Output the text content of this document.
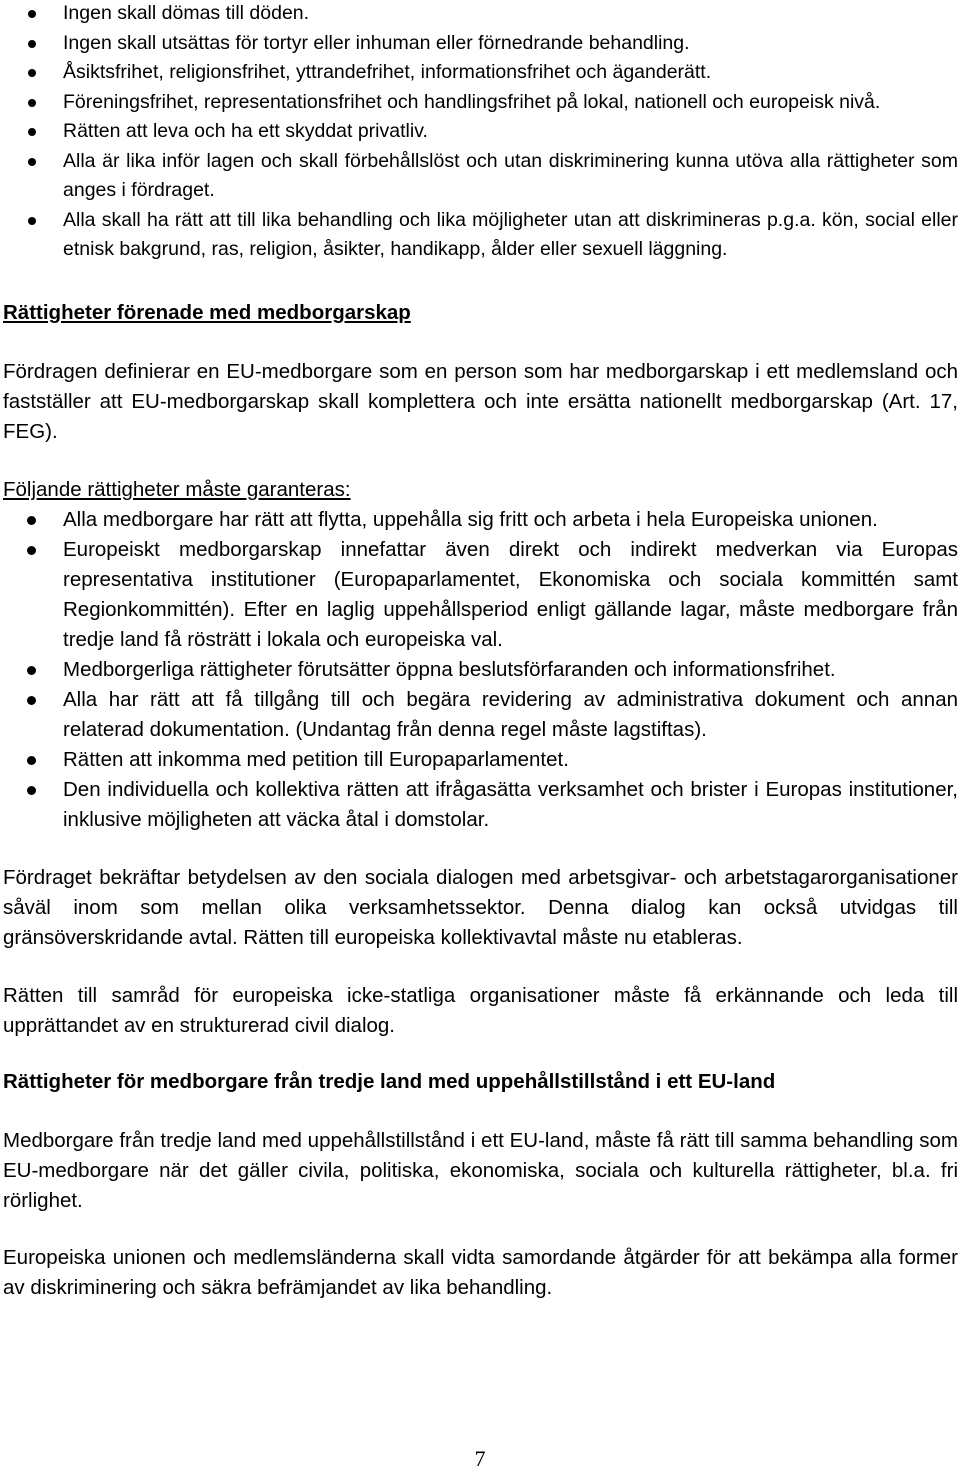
Ingen skall dömas till döden.
Ingen skall utsättas för tortyr eller inhuman eller förnedrande behandling.
Åsiktsfrihet, religionsfrihet, yttrandefrihet, informationsfrihet och äganderätt.
Föreningsfrihet, representationsfrihet och handlingsfrihet på lokal, nationell och europeisk nivå.
Rätten att leva och ha ett skyddat privatliv.
Alla är lika inför lagen och skall förbehållslöst och utan diskriminering kunna utöva alla rättigheter som anges i fördraget.
Alla skall ha rätt att till lika behandling och lika möjligheter utan att diskrimineras p.g.a. kön, social eller etnisk bakgrund, ras, religion, åsikter, handikapp, ålder eller sexuell läggning.
Rättigheter förenade med medborgarskap

Fördragen definierar en EU-medborgare som en person som har medborgarskap i ett medlemsland och fastställer att EU-medborgarskap skall komplettera och inte ersätta nationellt medborgarskap (Art. 17, FEG).

Följande rättigheter måste garanteras:

Alla medborgare har rätt att flytta, uppehålla sig fritt och arbeta i hela Europeiska unionen.
Europeiskt medborgarskap innefattar även direkt och indirekt medverkan via Europas representativa institutioner (Europaparlamentet, Ekonomiska och sociala kommittén samt Regionkommittén). Efter en laglig uppehållsperiod enligt gällande lagar, måste medborgare från tredje land få rösträtt i lokala och europeiska val.
Medborgerliga rättigheter förutsätter öppna beslutsförfaranden och informationsfrihet.
Alla har rätt att få tillgång till och begära revidering av administrativa dokument och annan relaterad dokumentation. (Undantag från denna regel måste lagstiftas).
Rätten att inkomma med petition till Europaparlamentet.
Den individuella och kollektiva rätten att ifrågasätta verksamhet och brister i Europas institutioner, inklusive möjligheten att väcka åtal i domstolar.

Fördraget bekräftar betydelsen av den sociala dialogen med arbetsgivar- och arbetstagarorganisationer såväl inom som mellan olika verksamhetssektor. Denna dialog kan också utvidgas till gränsöverskridande avtal. Rätten till europeiska kollektivavtal måste nu etableras.

Rätten till samråd för europeiska icke-statliga organisationer måste få erkännande och leda till upprättandet av en strukturerad civil dialog.

Rättigheter för medborgare från tredje land med uppehållstillstånd i ett EU-land

Medborgare från tredje land med uppehållstillstånd i ett EU-land, måste få rätt till samma behandling som EU-medborgare när det gäller civila, politiska, ekonomiska, sociala och kulturella rättigheter, bl.a. fri rörlighet.

Europeiska unionen och medlemsländerna skall vidta samordande åtgärder för att bekämpa alla former av diskriminering och säkra befrämjandet av lika behandling.

7
